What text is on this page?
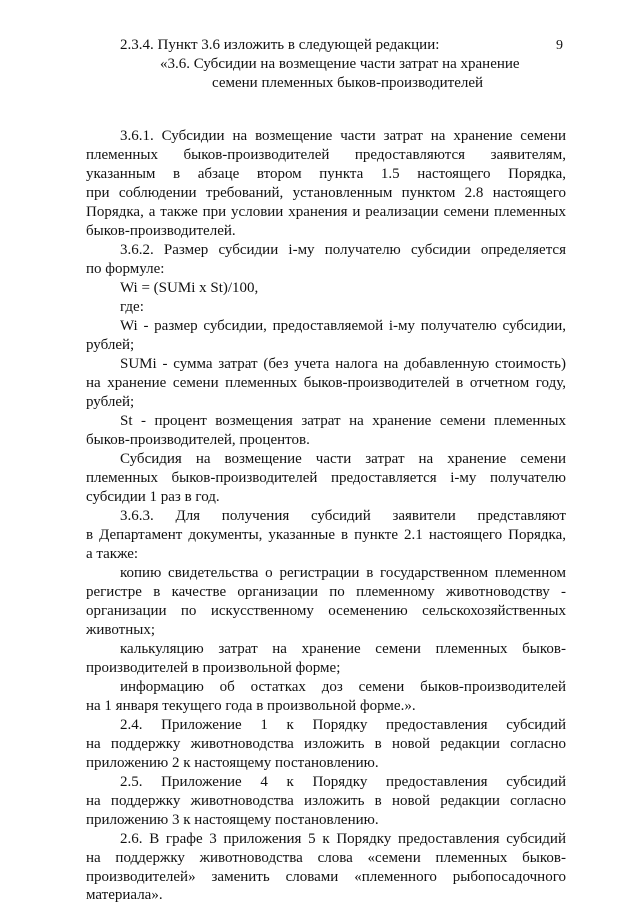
9
2.3.4. Пункт 3.6 изложить в следующей редакции:
«3.6. Субсидии на возмещение части затрат на хранение
семени племенных быков-производителей
3.6.1. Субсидии на возмещение части затрат на хранение семени
племенных быков-производителей предоставляются заявителям,
указанным в абзаце втором пункта 1.5 настоящего Порядка,
при соблюдении требований, установленным пунктом 2.8 настоящего
Порядка, а также при условии хранения и реализации семени племенных
быков-производителей.
3.6.2. Размер субсидии i-му получателю субсидии определяется
по формуле:
Wi = (SUMi x St)/100,
где:
Wi - размер субсидии, предоставляемой i-му получателю субсидии,
рублей;
SUMi - сумма затрат (без учета налога на добавленную стоимость)
на хранение семени племенных быков-производителей в отчетном году,
рублей;
St - процент возмещения затрат на хранение семени племенных
быков-производителей, процентов.
Субсидия на возмещение части затрат на хранение семени
племенных быков-производителей предоставляется i-му получателю
субсидии 1 раз в год.
3.6.3. Для получения субсидий заявители представляют
в Департамент документы, указанные в пункте 2.1 настоящего Порядка,
а также:
копию свидетельства о регистрации в государственном племенном
регистре в качестве организации по племенному животноводству -
организации по искусственному осеменению сельскохозяйственных
животных;
калькуляцию затрат на хранение семени племенных быков-
производителей в произвольной форме;
информацию об остатках доз семени быков-производителей
на 1 января текущего года в произвольной форме.».
2.4. Приложение 1 к Порядку предоставления субсидий
на поддержку животноводства изложить в новой редакции согласно
приложению 2 к настоящему постановлению.
2.5. Приложение 4 к Порядку предоставления субсидий
на поддержку животноводства изложить в новой редакции согласно
приложению 3 к настоящему постановлению.
2.6. В графе 3 приложения 5 к Порядку предоставления субсидий
на поддержку животноводства слова «семени племенных быков-
производителей» заменить словами «племенного рыбопосадочного
материала».
